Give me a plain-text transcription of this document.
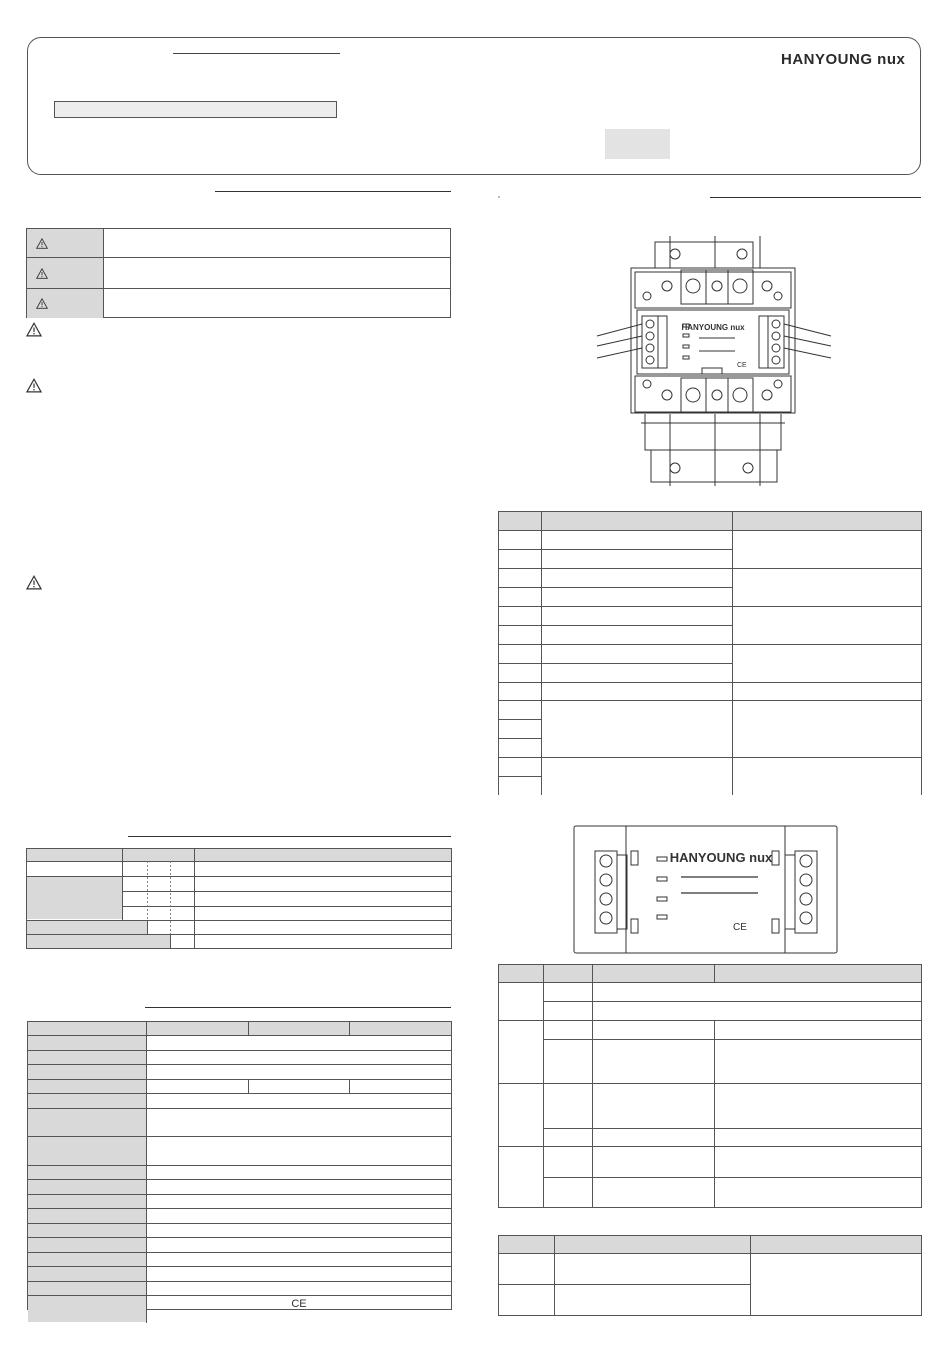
HANYOUNG nux
CE
HANYOUNG nux
CE
HANYOUNG nux
CE
